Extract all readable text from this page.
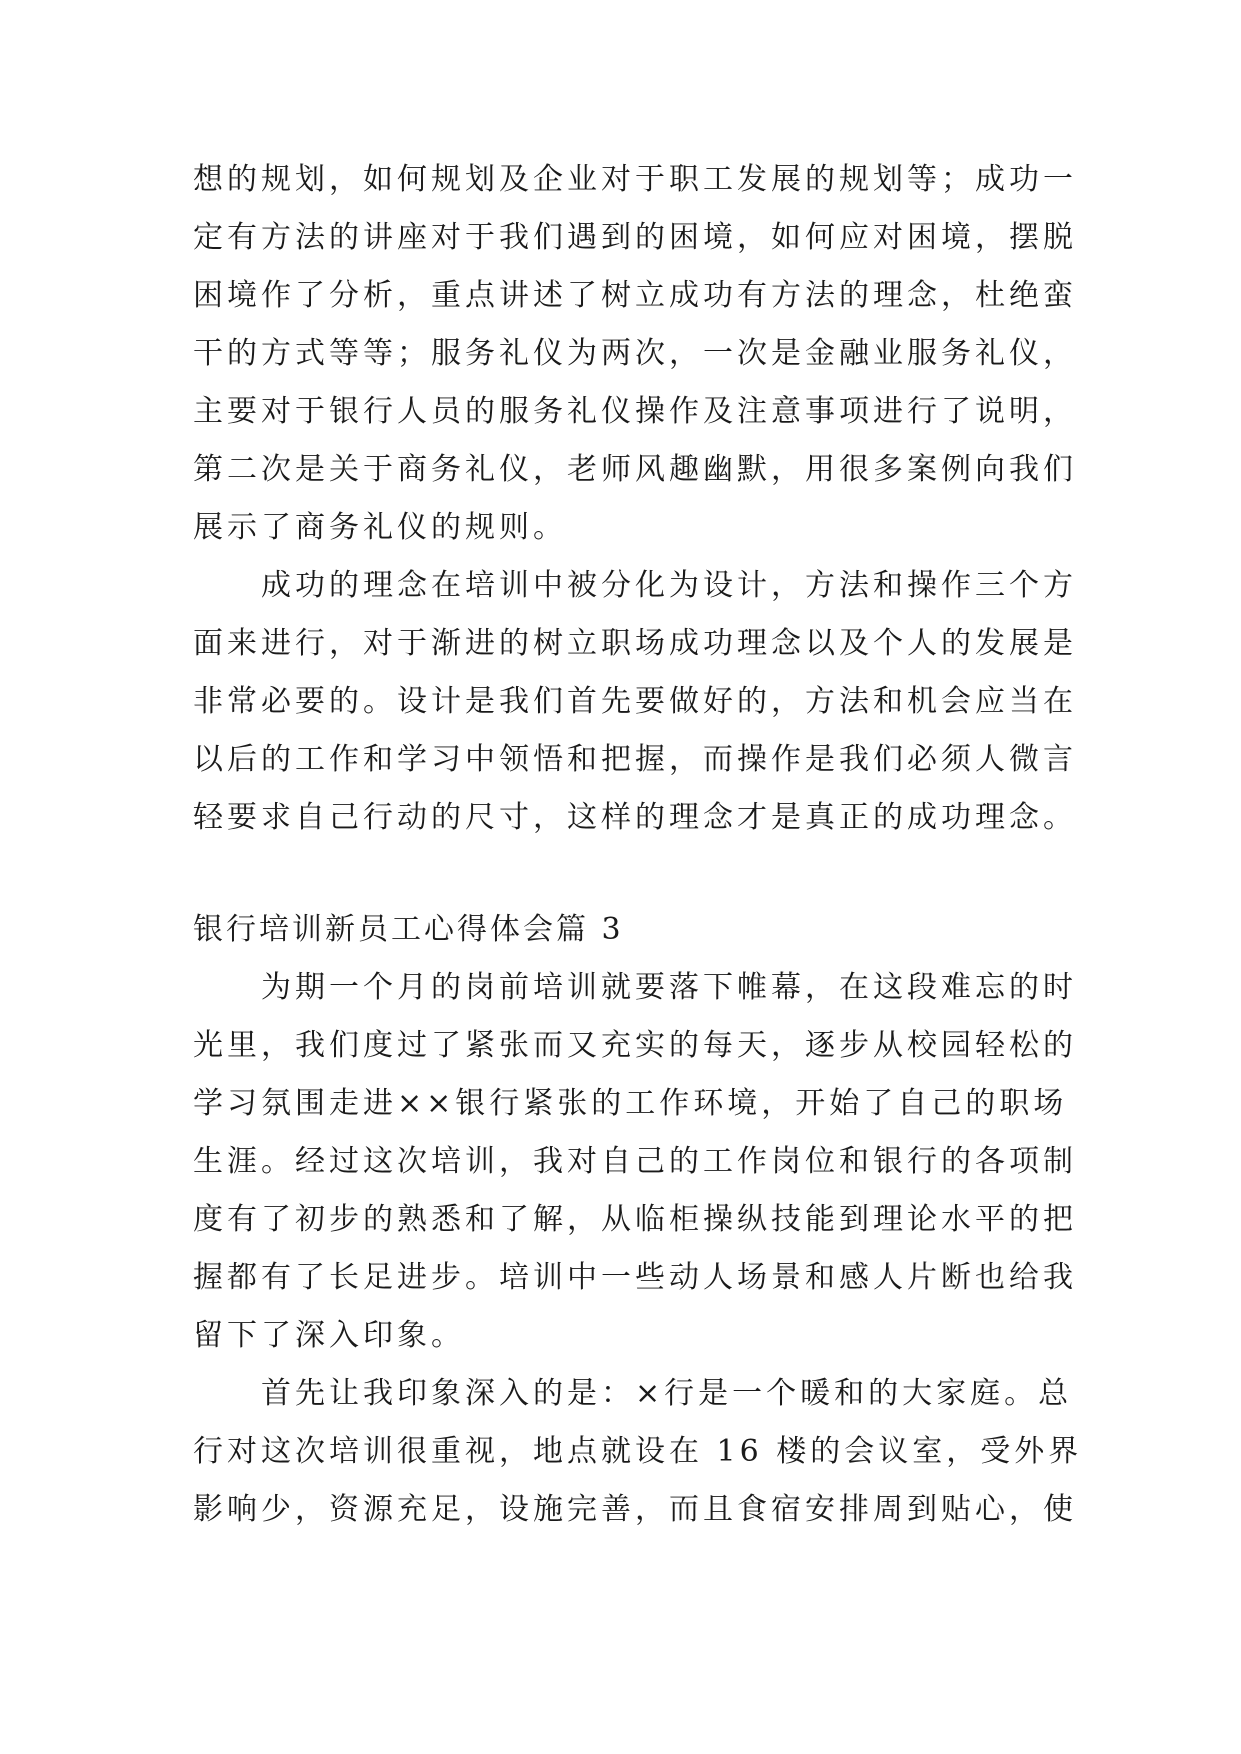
想的规划，如何规划及企业对于职工发展的规划等；成功一
定有方法的讲座对于我们遇到的困境，如何应对困境，摆脱
困境作了分析，重点讲述了树立成功有方法的理念，杜绝蛮
干的方式等等；服务礼仪为两次，一次是金融业服务礼仪，
主要对于银行人员的服务礼仪操作及注意事项进行了说明，
第二次是关于商务礼仪，老师风趣幽默，用很多案例向我们
展示了商务礼仪的规则。
成功的理念在培训中被分化为设计，方法和操作三个方
面来进行，对于渐进的树立职场成功理念以及个人的发展是
非常必要的。设计是我们首先要做好的，方法和机会应当在
以后的工作和学习中领悟和把握，而操作是我们必须人微言
轻要求自己行动的尺寸，这样的理念才是真正的成功理念。
银行培训新员工心得体会篇 3
为期一个月的岗前培训就要落下帷幕，在这段难忘的时
光里，我们度过了紧张而又充实的每天，逐步从校园轻松的
学习氛围走进××银行紧张的工作环境，开始了自己的职场
生涯。经过这次培训，我对自己的工作岗位和银行的各项制
度有了初步的熟悉和了解，从临柜操纵技能到理论水平的把
握都有了长足进步。培训中一些动人场景和感人片断也给我
留下了深入印象。
首先让我印象深入的是：×行是一个暖和的大家庭。总
行对这次培训很重视，地点就设在 16 楼的会议室，受外界
影响少，资源充足，设施完善，而且食宿安排周到贴心，使
